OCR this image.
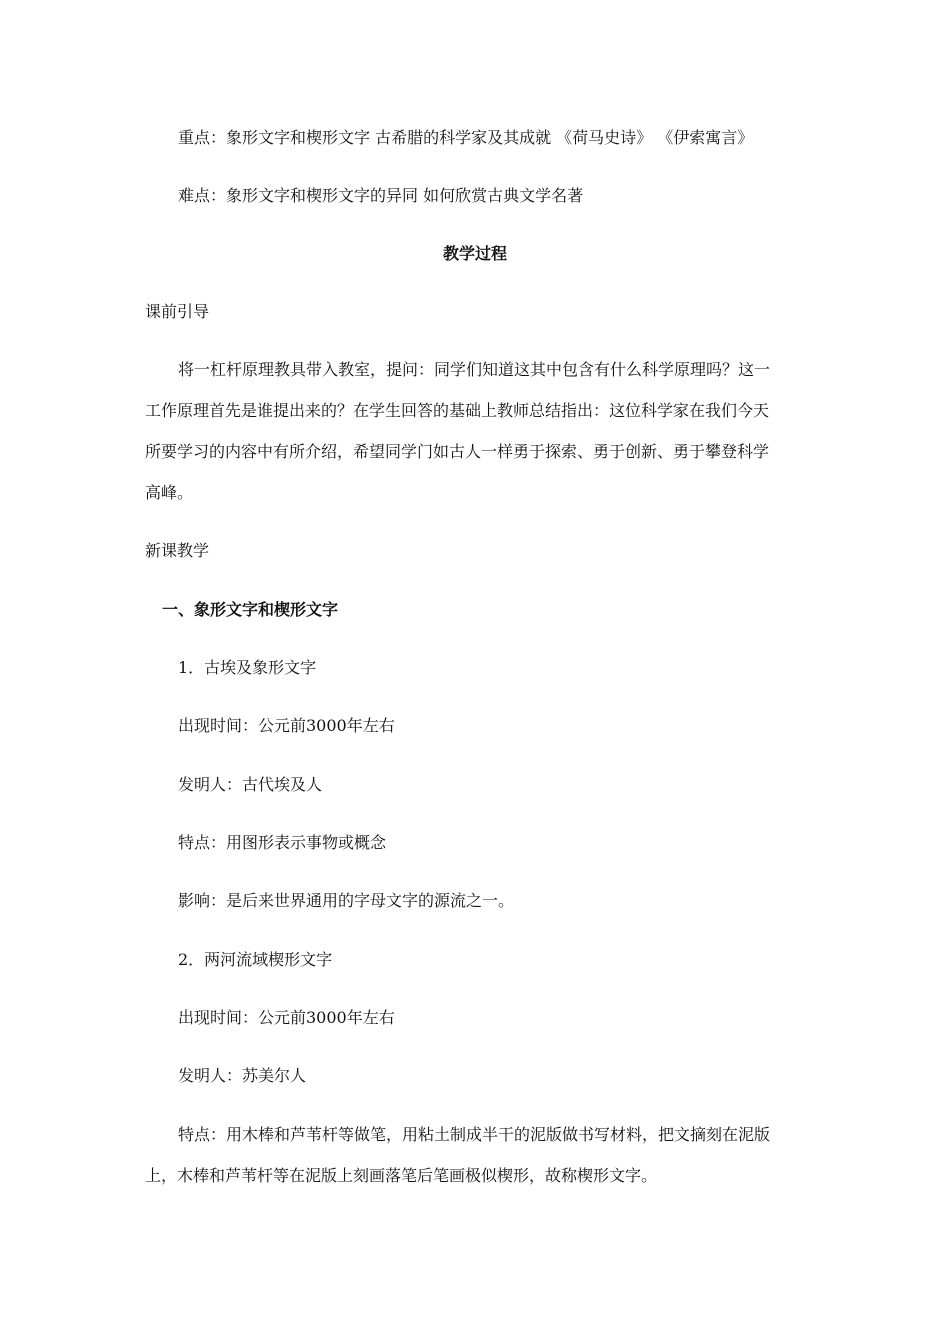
重点：象形文字和楔形文字 古希腊的科学家及其成就 《荷马史诗》 《伊索寓言》
难点：象形文字和楔形文字的异同 如何欣赏古典文学名著
教学过程
课前引导
将一杠杆原理教具带入教室，提问：同学们知道这其中包含有什么科学原理吗？这一
工作原理首先是谁提出来的？在学生回答的基础上教师总结指出：这位科学家在我们今天
所要学习的内容中有所介绍，希望同学门如古人一样勇于探索、勇于创新、勇于攀登科学
高峰。
新课教学
一、象形文字和楔形文字
1．古埃及象形文字
出现时间：公元前3000年左右
发明人：古代埃及人
特点：用图形表示事物或概念
影响：是后来世界通用的字母文字的源流之一。
2．两河流域楔形文字
出现时间：公元前3000年左右
发明人：苏美尔人
特点：用木棒和芦苇杆等做笔，用粘土制成半干的泥版做书写材料，把文摘刻在泥版
上，木棒和芦苇杆等在泥版上刻画落笔后笔画极似楔形，故称楔形文字。
